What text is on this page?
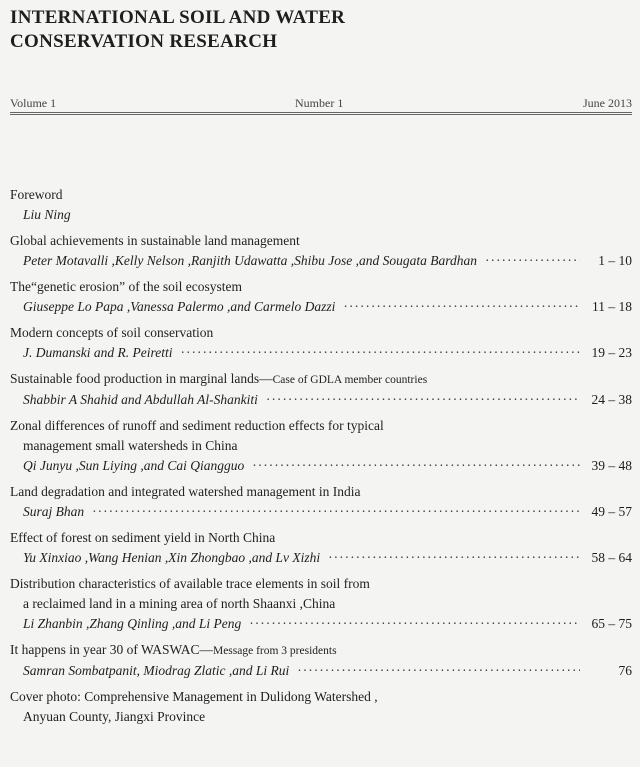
INTERNATIONAL SOIL AND WATER
CONSERVATION RESEARCH
Volume 1	Number 1	June 2013
Foreword
Liu Ning
Global achievements in sustainable land management
Peter Motavalli ,Kelly Nelson ,Ranjith Udawatta ,Shibu Jose ,and Sougata Bardhan ·····	1 – 10
The“genetic erosion” of the soil ecosystem
Giuseppe Lo Papa ,Vanessa Palermo ,and Carmelo Dazzi ·····	11 – 18
Modern concepts of soil conservation
J. Dumanski and R. Peiretti ·····	19 – 23
Sustainable food production in marginal lands—Case of GDLA member countries
Shabbir A Shahid and Abdullah Al-Shankiti ·····	24 – 38
Zonal differences of runoff and sediment reduction effects for typical
management small watersheds in China
Qi Junyu ,Sun Liying ,and Cai Qiangguo ·····	39 – 48
Land degradation and integrated watershed management in India
Suraj Bhan ·····	49 – 57
Effect of forest on sediment yield in North China
Yu Xinxiao ,Wang Henian ,Xin Zhongbao ,and Lv Xizhi ·····	58 – 64
Distribution characteristics of available trace elements in soil from
a reclaimed land in a mining area of north Shaanxi ,China
Li Zhanbin ,Zhang Qinling ,and Li Peng ·····	65 – 75
It happens in year 30 of WASWAC—Message from 3 presidents
Samran Sombatpanit, Miodrag Zlatic ,and Li Rui ·····	76
Cover photo: Comprehensive Management in Dulidong Watershed ,
Anyuan County, Jiangxi Province
